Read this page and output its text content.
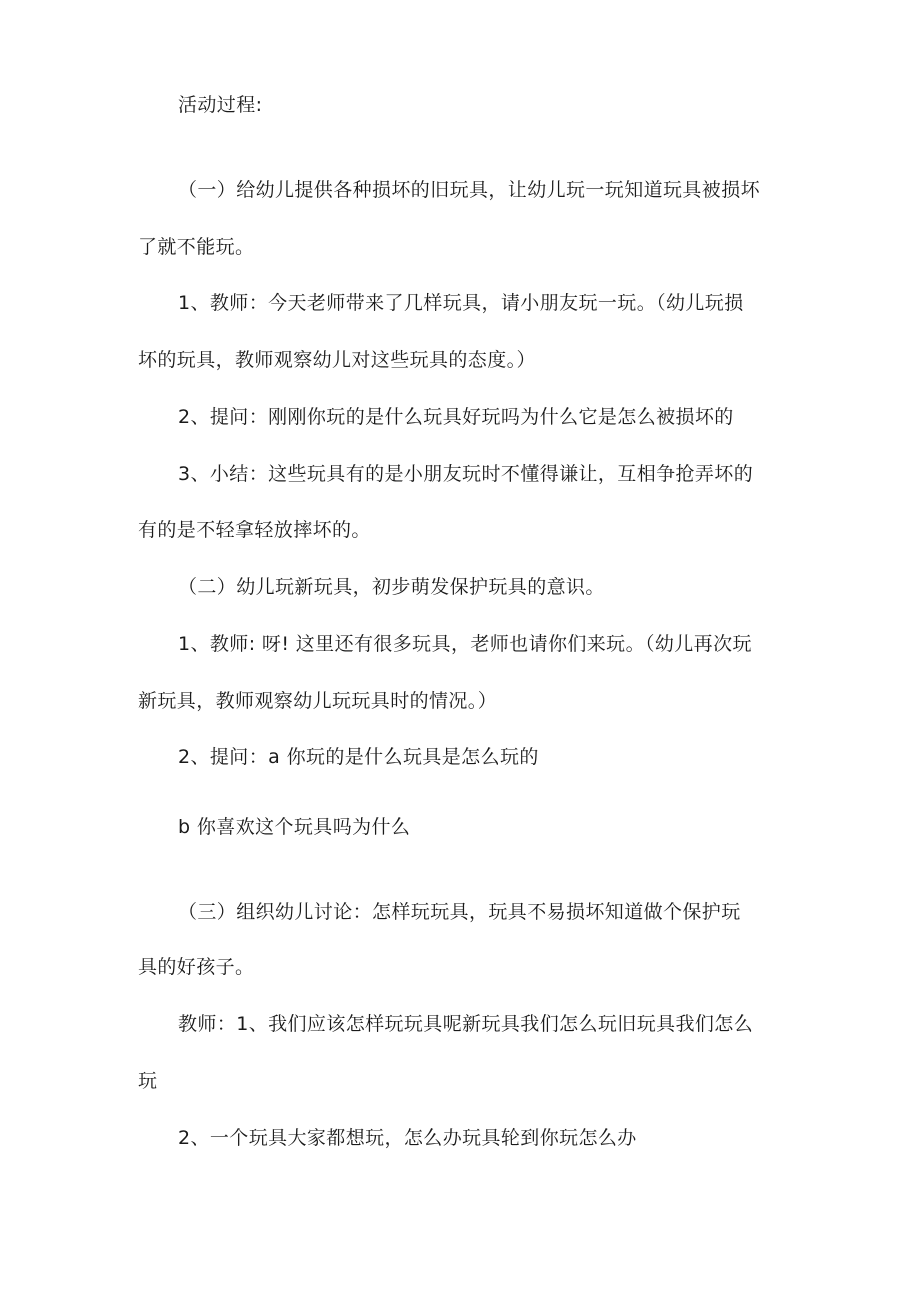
活动过程:
（一）给幼儿提供各种损坏的旧玩具，让幼儿玩一玩知道玩具被损坏
了就不能玩。
1、教师：今天老师带来了几样玩具，请小朋友玩一玩。（幼儿玩损
坏的玩具，教师观察幼儿对这些玩具的态度。）
2、提问：刚刚你玩的是什么玩具好玩吗为什么它是怎么被损坏的
3、小结：这些玩具有的是小朋友玩时不懂得谦让，互相争抢弄坏的
有的是不轻拿轻放摔坏的。
（二）幼儿玩新玩具，初步萌发保护玩具的意识。
1、教师: 呀! 这里还有很多玩具，老师也请你们来玩。（幼儿再次玩
新玩具，教师观察幼儿玩玩具时的情况。）
2、提问：a 你玩的是什么玩具是怎么玩的
b 你喜欢这个玩具吗为什么
（三）组织幼儿讨论：怎样玩玩具，玩具不易损坏知道做个保护玩
具的好孩子。
教师：1、我们应该怎样玩玩具呢新玩具我们怎么玩旧玩具我们怎么
玩
2、一个玩具大家都想玩，怎么办玩具轮到你玩怎么办
